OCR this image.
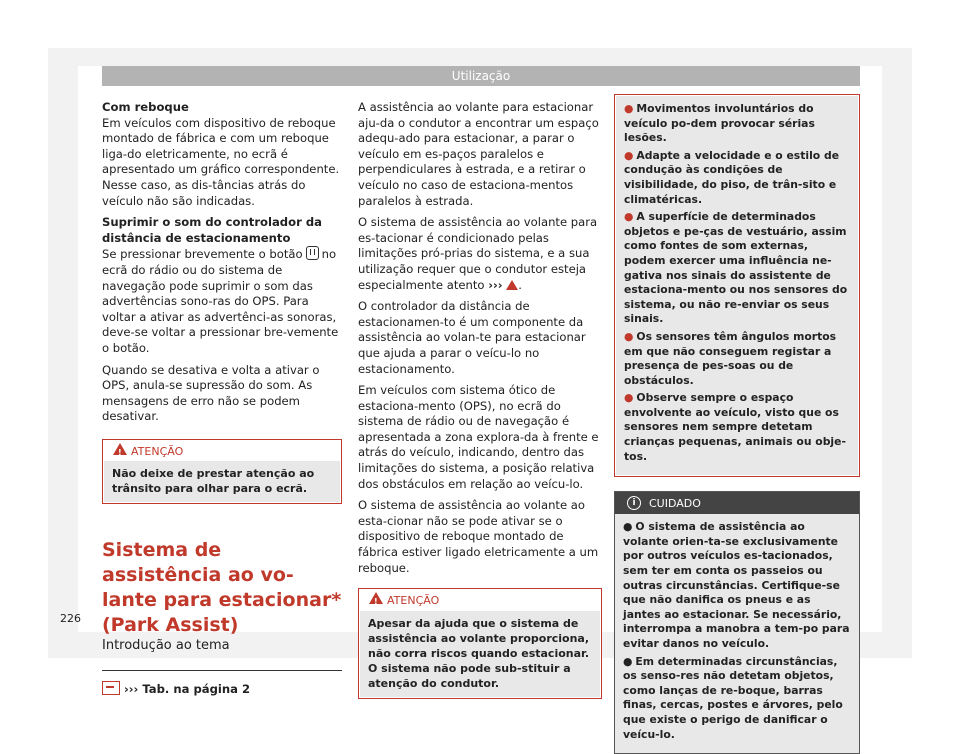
Utilização

Com reboque

Em veículos com dispositivo de reboque montado de fábrica e com um reboque liga-do eletricamente, no ecrã é apresentado um gráfico correspondente. Nesse caso, as dis-tâncias atrás do veículo não são indicadas.

Suprimir o som do controlador da distância de estacionamento

Se pressionar brevemente o botão no ecrã do rádio ou do sistema de navegação pode suprimir o som das advertências sono-ras do OPS. Para voltar a ativar as advertênci-as sonoras, deve-se voltar a pressionar bre-vemente o botão.

Quando se desativa e volta a ativar o OPS, anula-se supressão do som. As mensagens de erro não se podem desativar.

!
ATENÇÃO
Não deixe de prestar atenção ao trânsito para olhar para o ecrã.
Sistema de assistência ao vo-lante para estacionar* (Park Assist)

Introdução ao tema

››› Tab. na página 2

A assistência ao volante para estacionar aju-da o condutor a encontrar um espaço adequ-ado para estacionar, a parar o veículo em es-paços paralelos e perpendiculares à estrada, e a retirar o veículo no caso de estaciona-mentos paralelos à estrada.

O sistema de assistência ao volante para es-tacionar é condicionado pelas limitações pró-prias do sistema, e a sua utilização requer que o condutor esteja especialmente atento ››› .

O controlador da distância de estacionamen-to é um componente da assistência ao volan-te para estacionar que ajuda a parar o veícu-lo no estacionamento.

Em veículos com sistema ótico de estaciona-mento (OPS), no ecrã do sistema de rádio ou de navegação é apresentada a zona explora-da à frente e atrás do veículo, indicando, dentro das limitações do sistema, a posição relativa dos obstáculos em relação ao veícu-lo.

O sistema de assistência ao volante ao esta-cionar não se pode ativar se o dispositivo de reboque montado de fábrica estiver ligado eletricamente a um reboque.

!
ATENÇÃO
Apesar da ajuda que o sistema de assistência ao volante proporciona, não corra riscos quando estacionar. O sistema não pode sub-stituir a atenção do condutor.
● Movimentos involuntários do veículo po-dem provocar sérias lesões.
● Adapte a velocidade e o estilo de condução às condições de visibilidade, do piso, de trân-sito e climatéricas.
● A superfície de determinados objetos e pe-ças de vestuário, assim como fontes de som externas, podem exercer uma influência ne-gativa nos sinais do assistente de estaciona-mento ou nos sensores do sistema, ou não re-enviar os seus sinais.
● Os sensores têm ângulos mortos em que não conseguem registar a presença de pes-soas ou de obstáculos.
● Observe sempre o espaço envolvente ao veículo, visto que os sensores nem sempre detetam crianças pequenas, animais ou obje-tos.
i	CUIDADO
● O sistema de assistência ao volante orien-ta-se exclusivamente por outros veículos es-tacionados, sem ter em conta os passeios ou outras circunstâncias. Certifique-se que não danifica os pneus e as jantes ao estacionar. Se necessário, interrompa a manobra a tem-po para evitar danos no veículo.
● Em determinadas circunstâncias, os senso-res não detetam objetos, como lanças de re-boque, barras finas, cercas, postes e árvores, pelo que existe o perigo de danificar o veícu-lo.
226
